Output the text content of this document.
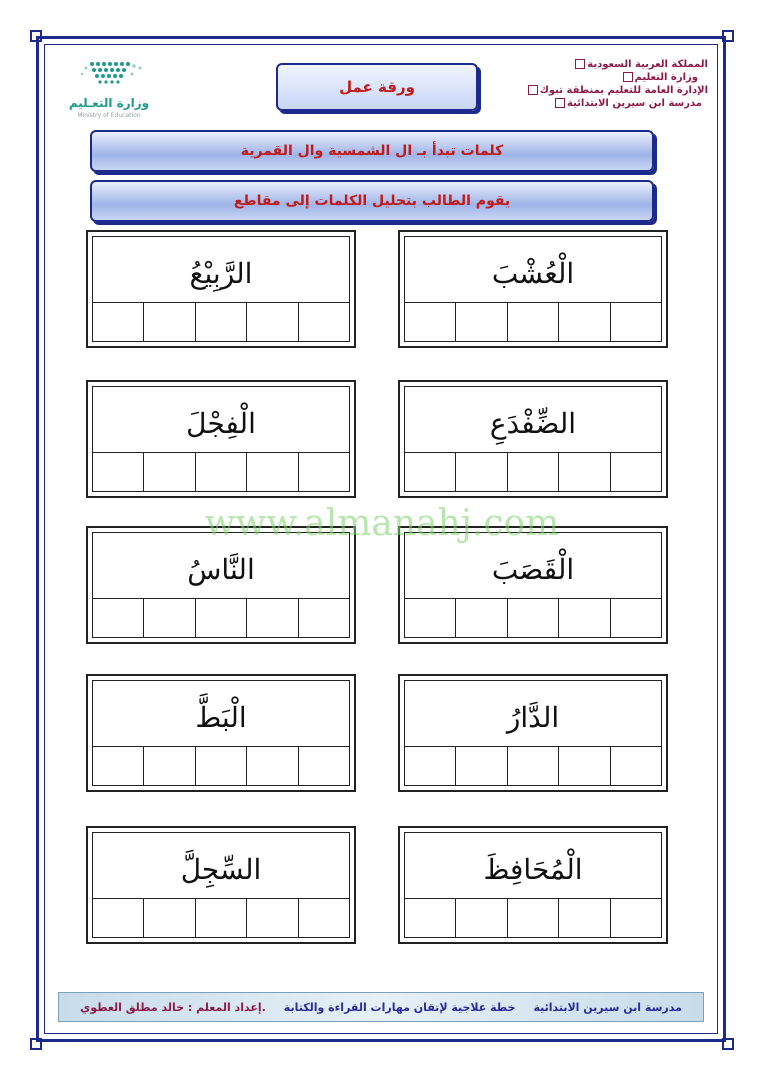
وزارة التعـليم
Ministry of Education
المملكة العربية السعودية
وزارة التعليم
الإدارة العامة للتعليم بمنطقة تبوك
مدرسة ابن سيرين الابتدائية
ورقة عمل
كلمات تبدأ بـ ال الشمسية وال القمرية
يقوم الطالب بتحليل الكلمات إلى مقاطع
الْعُشْبَ
الرَّبِيْعُ
الضِّفْدَعِ
الْفِجْلَ
الْقَصَبَ
النَّاسُ
الدَّارُ
الْبَطَّ
الْمُحَافِظَ
السِّجِلَّ
www.almanahj.com
مدرسة ابن سيرين الابتدائية
خطة علاجية لإتقان مهارات القراءة والكتابة
.إعداد المعلم : خالد مطلق العطوي
